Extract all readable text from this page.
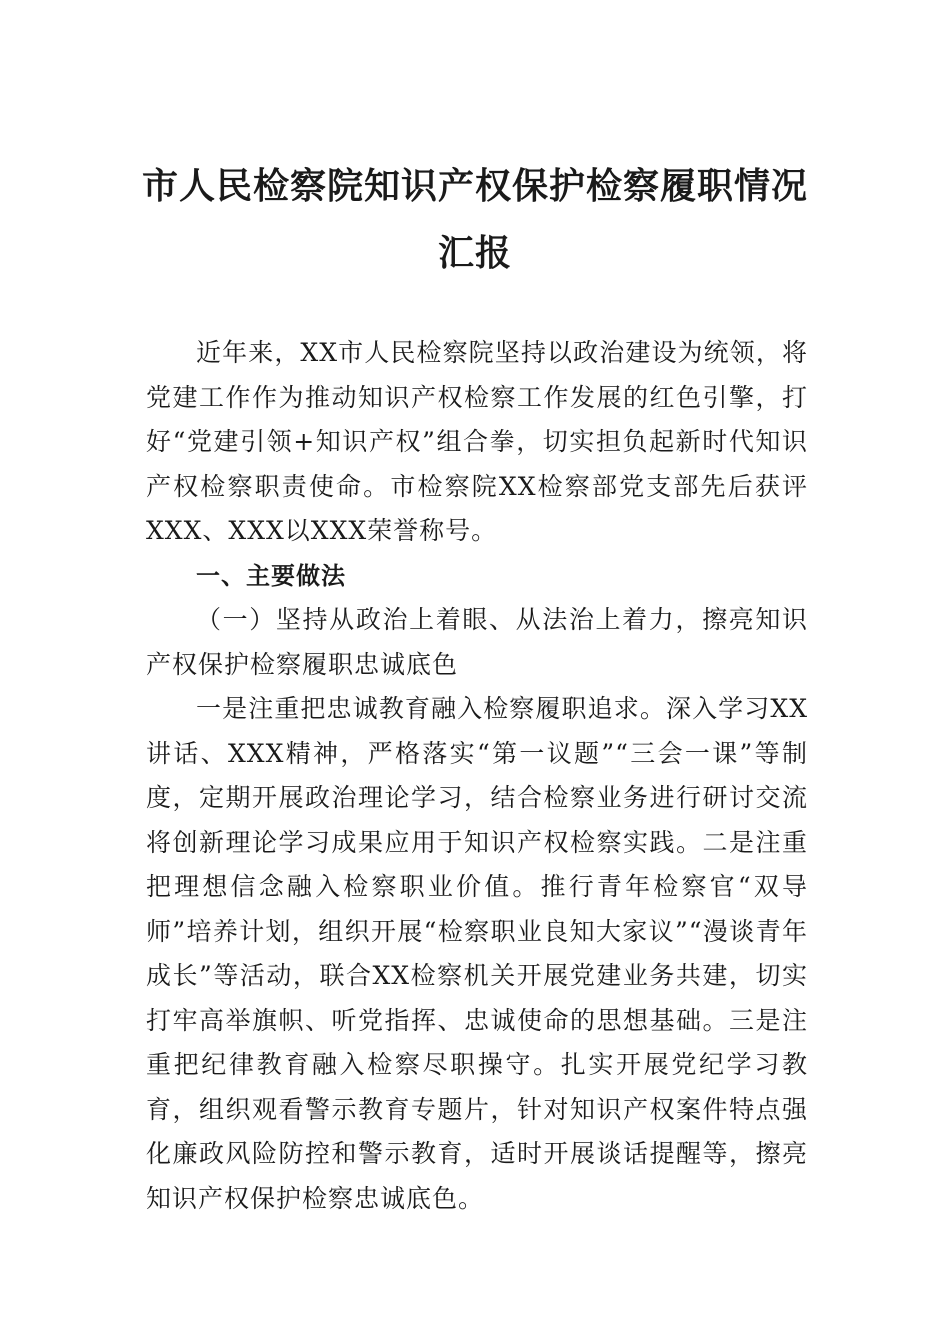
市人民检察院知识产权保护检察履职情况
汇报

近年来，XX市人民检察院坚持以政治建设为统领，将党建工作作为推动知识产权检察工作发展的红色引擎，打好“党建引领+知识产权”组合拳，切实担负起新时代知识产权检察职责使命。市检察院XX检察部党支部先后获评XXX、XXX以XXX荣誉称号。

一、主要做法

（一）坚持从政治上着眼、从法治上着力，擦亮知识产权保护检察履职忠诚底色

一是注重把忠诚教育融入检察履职追求。深入学习XX讲话、XXX精神，严格落实“第一议题”“三会一课”等制度，定期开展政治理论学习，结合检察业务进行研讨交流将创新理论学习成果应用于知识产权检察实践。二是注重把理想信念融入检察职业价值。推行青年检察官“双导师”培养计划，组织开展“检察职业良知大家议”“漫谈青年成长”等活动，联合XX检察机关开展党建业务共建，切实打牢高举旗帜、听党指挥、忠诚使命的思想基础。三是注重把纪律教育融入检察尽职操守。扎实开展党纪学习教育，组织观看警示教育专题片，针对知识产权案件特点强化廉政风险防控和警示教育，适时开展谈话提醒等，擦亮知识产权保护检察忠诚底色。
